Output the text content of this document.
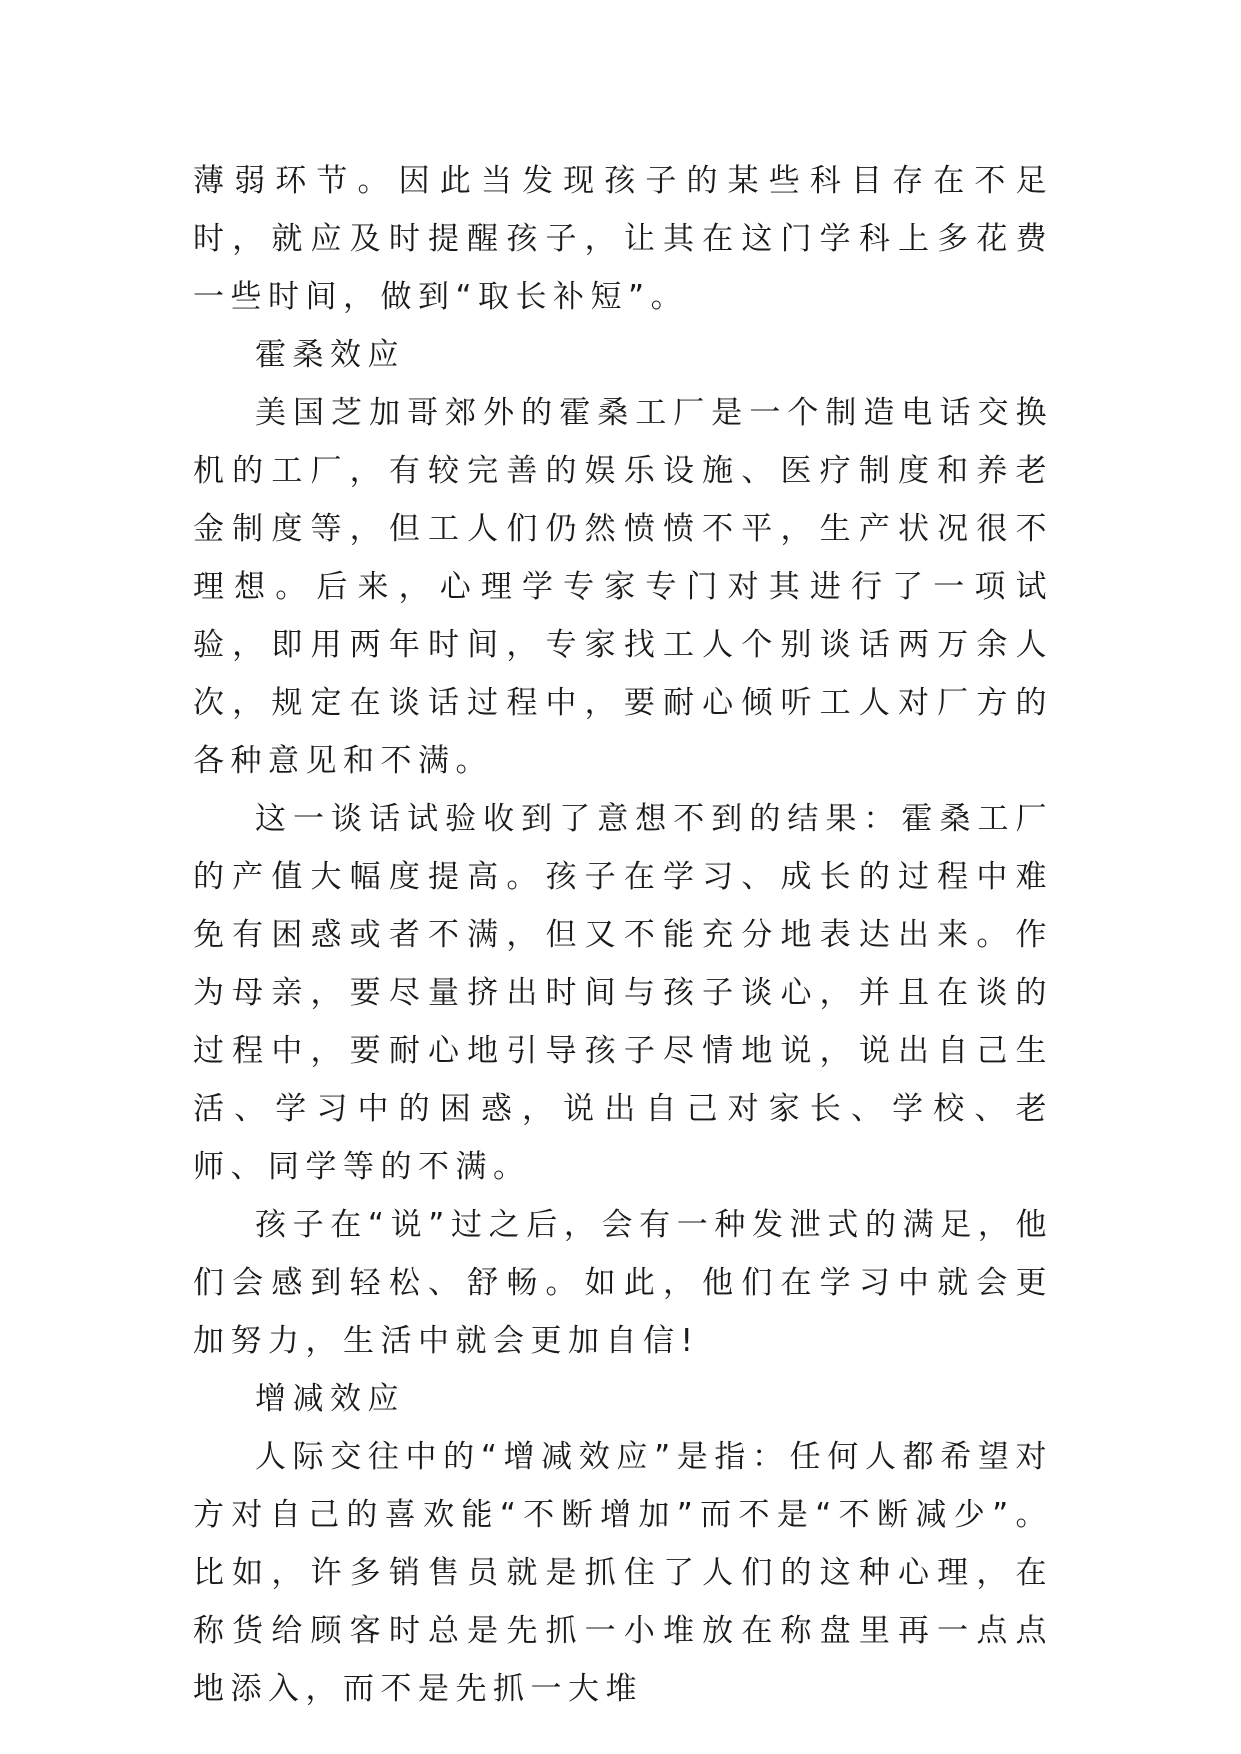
薄弱环节。因此当发现孩子的某些科目存在不足时，就应及时提醒孩子，让其在这门学科上多花费一些时间，做到“取长补短”。

霍桑效应

美国芝加哥郊外的霍桑工厂是一个制造电话交换机的工厂，有较完善的娱乐设施、医疗制度和养老金制度等，但工人们仍然愤愤不平，生产状况很不理想。后来，心理学专家专门对其进行了一项试验，即用两年时间，专家找工人个别谈话两万余人次，规定在谈话过程中，要耐心倾听工人对厂方的各种意见和不满。

这一谈话试验收到了意想不到的结果：霍桑工厂的产值大幅度提高。孩子在学习、成长的过程中难免有困惑或者不满，但又不能充分地表达出来。作为母亲，要尽量挤出时间与孩子谈心，并且在谈的过程中，要耐心地引导孩子尽情地说，说出自己生活、学习中的困惑，说出自己对家长、学校、老师、同学等的不满。

孩子在“说”过之后，会有一种发泄式的满足，他们会感到轻松、舒畅。如此，他们在学习中就会更加努力，生活中就会更加自信!

增减效应

人际交往中的“增减效应”是指：任何人都希望对方对自己的喜欢能“不断增加”而不是“不断减少”。比如，许多销售员就是抓住了人们的这种心理，在称货给顾客时总是先抓一小堆放在称盘里再一点点地添入，而不是先抓一大堆
